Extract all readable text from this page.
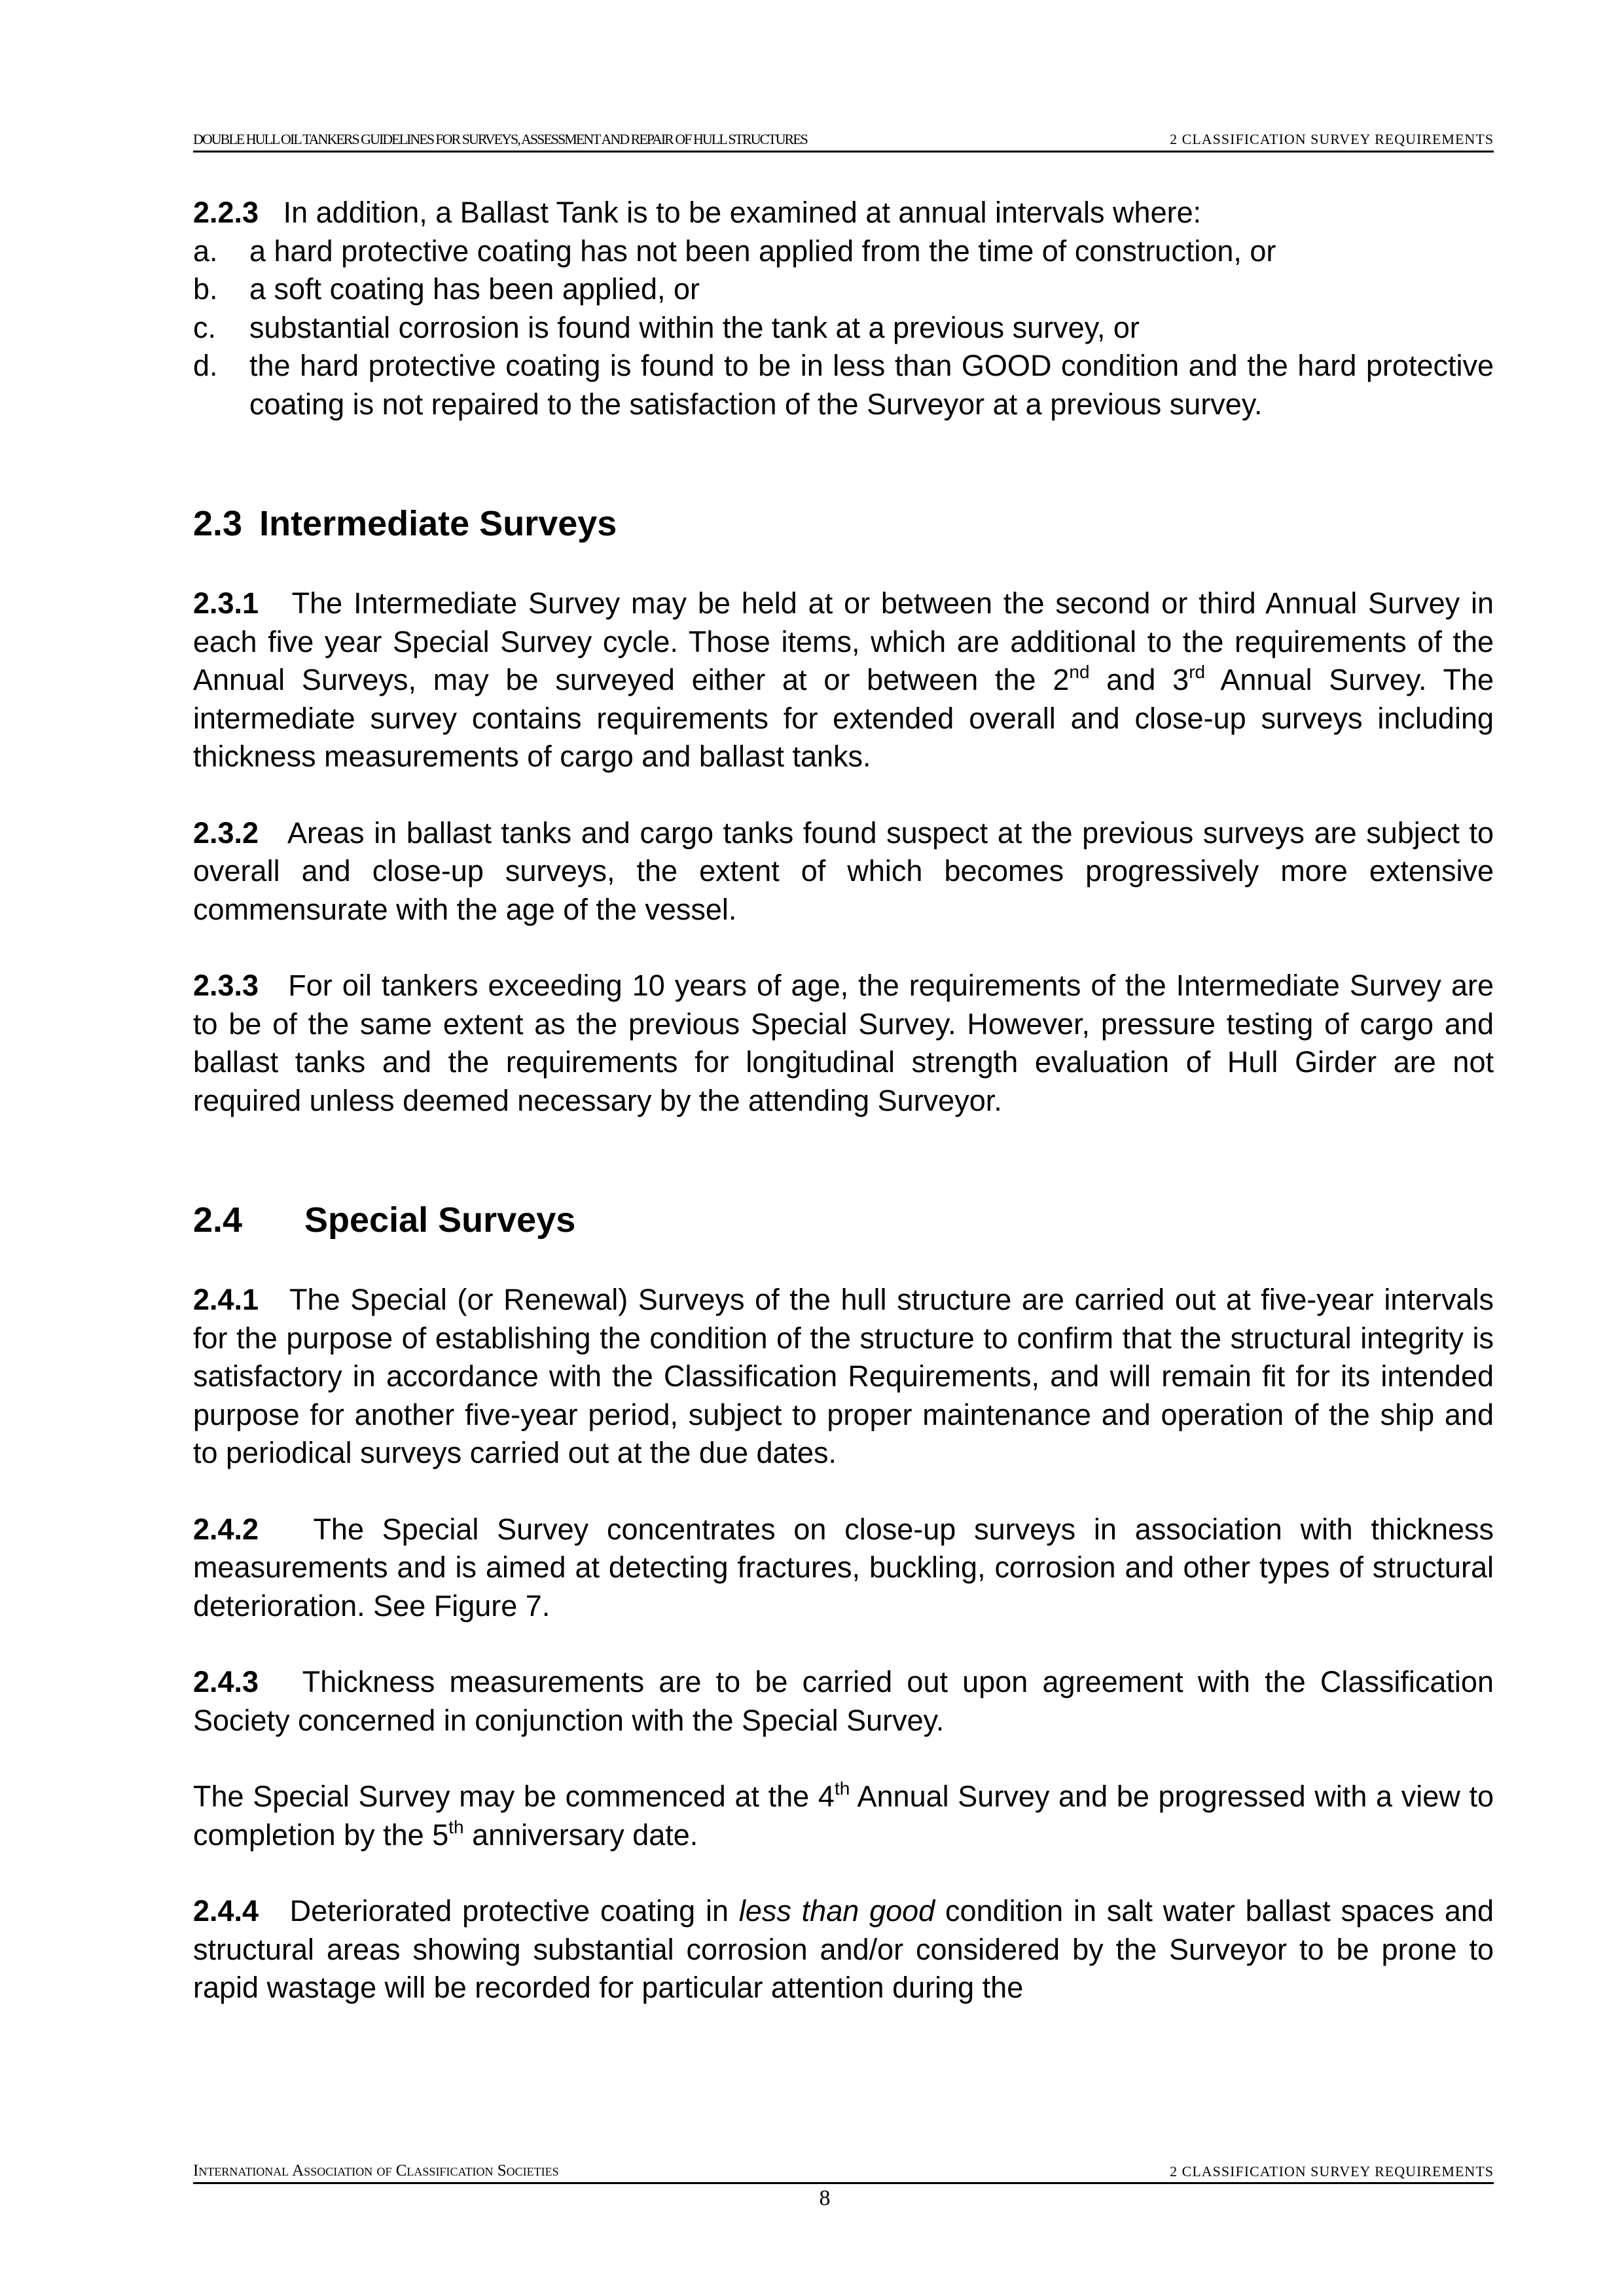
DOUBLE HULL OIL TANKERS GUIDELINES FOR SURVEYS, ASSESSMENT AND REPAIR OF HULL STRUCTURES	2 CLASSIFICATION SURVEY REQUIREMENTS

2.2.3 In addition, a Ballast Tank is to be examined at annual intervals where:

a.	a hard protective coating has not been applied from the time of construction, or
b.	a soft coating has been applied, or
c.	substantial corrosion is found within the tank at a previous survey, or
d.	the hard protective coating is found to be in less than GOOD condition and the hard protective coating is not repaired to the satisfaction of the Surveyor at a previous survey.
2.3 Intermediate Surveys

2.3.1 The Intermediate Survey may be held at or between the second or third Annual Survey in each five year Special Survey cycle. Those items, which are additional to the requirements of the Annual Surveys, may be surveyed either at or between the 2nd and 3rd Annual Survey. The intermediate survey contains requirements for extended overall and close-up surveys including thickness measurements of cargo and ballast tanks.

2.3.2 Areas in ballast tanks and cargo tanks found suspect at the previous surveys are subject to overall and close-up surveys, the extent of which becomes progressively more extensive commensurate with the age of the vessel.

2.3.3 For oil tankers exceeding 10 years of age, the requirements of the Intermediate Survey are to be of the same extent as the previous Special Survey. However, pressure testing of cargo and ballast tanks and the requirements for longitudinal strength evaluation of Hull Girder are not required unless deemed necessary by the attending Surveyor.

2.4 Special Surveys

2.4.1 The Special (or Renewal) Surveys of the hull structure are carried out at five-year intervals for the purpose of establishing the condition of the structure to confirm that the structural integrity is satisfactory in accordance with the Classification Requirements, and will remain fit for its intended purpose for another five-year period, subject to proper maintenance and operation of the ship and to periodical surveys carried out at the due dates.

2.4.2 The Special Survey concentrates on close-up surveys in association with thickness measurements and is aimed at detecting fractures, buckling, corrosion and other types of structural deterioration. See Figure 7.

2.4.3 Thickness measurements are to be carried out upon agreement with the Classification Society concerned in conjunction with the Special Survey.

The Special Survey may be commenced at the 4th Annual Survey and be progressed with a view to completion by the 5th anniversary date.

2.4.4 Deteriorated protective coating in less than good condition in salt water ballast spaces and structural areas showing substantial corrosion and/or considered by the Surveyor to be prone to rapid wastage will be recorded for particular attention during the

International Association of Classification Societies	2 CLASSIFICATION SURVEY REQUIREMENTS
8
